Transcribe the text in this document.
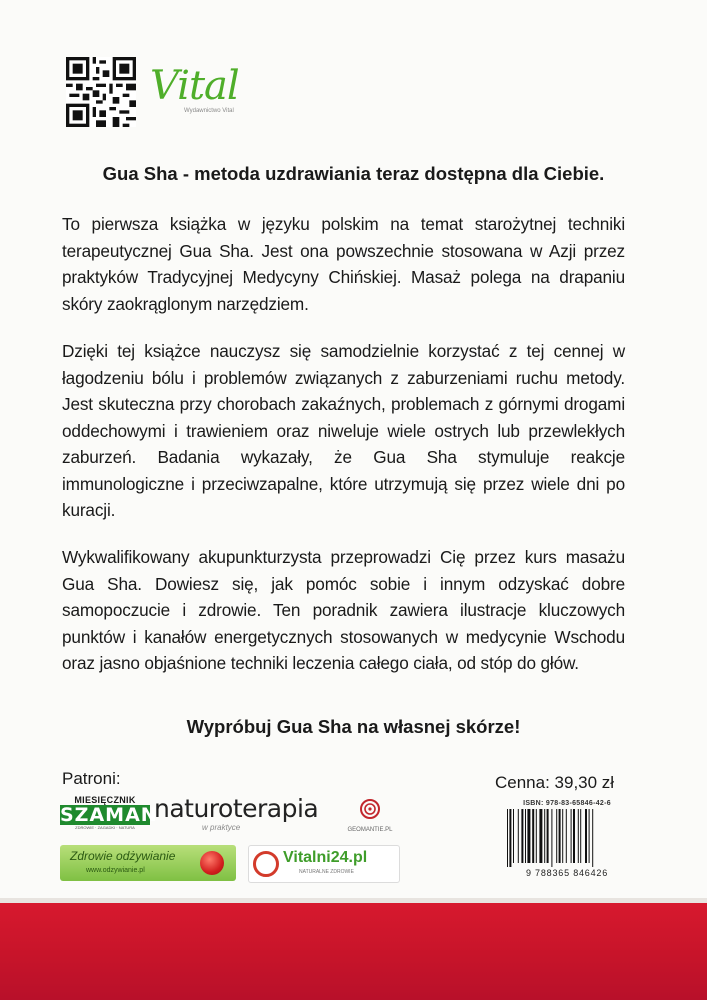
Vital
Wydawnictwo Vital
Gua Sha - metoda uzdrawiania teraz dostępna dla Ciebie.
To pierwsza książka w języku polskim na temat starożytnej techniki terapeutycznej Gua Sha. Jest ona powszechnie stosowana w Azji przez praktyków Tradycyjnej Medycyny Chińskiej. Masaż polega na drapaniu skóry zaokrąglonym narzędziem.
Dzięki tej książce nauczysz się samodzielnie korzystać z tej cennej w łagodzeniu bólu i problemów związanych z zaburzeniami ruchu metody. Jest skuteczna przy chorobach zakaźnych, problemach z górnymi drogami oddechowymi i trawieniem oraz niweluje wiele ostrych lub przewlekłych zaburzeń. Badania wykazały, że Gua Sha stymuluje reakcje immunologiczne i przeciwzapalne, które utrzymują się przez wiele dni po kuracji.
Wykwalifikowany akupunkturzysta przeprowadzi Cię przez kurs masażu Gua Sha. Dowiesz się, jak pomóc sobie i innym odzyskać dobre samopoczucie i zdrowie. Ten poradnik zawiera ilustracje kluczowych punktów i kanałów energetycznych stosowanych w medycynie Wschodu oraz jasno objaśnione techniki leczenia całego ciała, od stóp do głów.
Wypróbuj Gua Sha na własnej skórze!
Patroni:	Cenna: 39,30 zł
MIESIĘCZNIK
SZAMAN
ZDROWIE · ZAGADKI · NATURA
naturoterapia
w praktyce	GEOMANTIE.PL
Zdrowie odżywianie
www.odzywianie.pl
Vitalni24.pl
NATURALNE ZDROWIE
ISBN: 978-83-65846-42-6
9 788365 846426
